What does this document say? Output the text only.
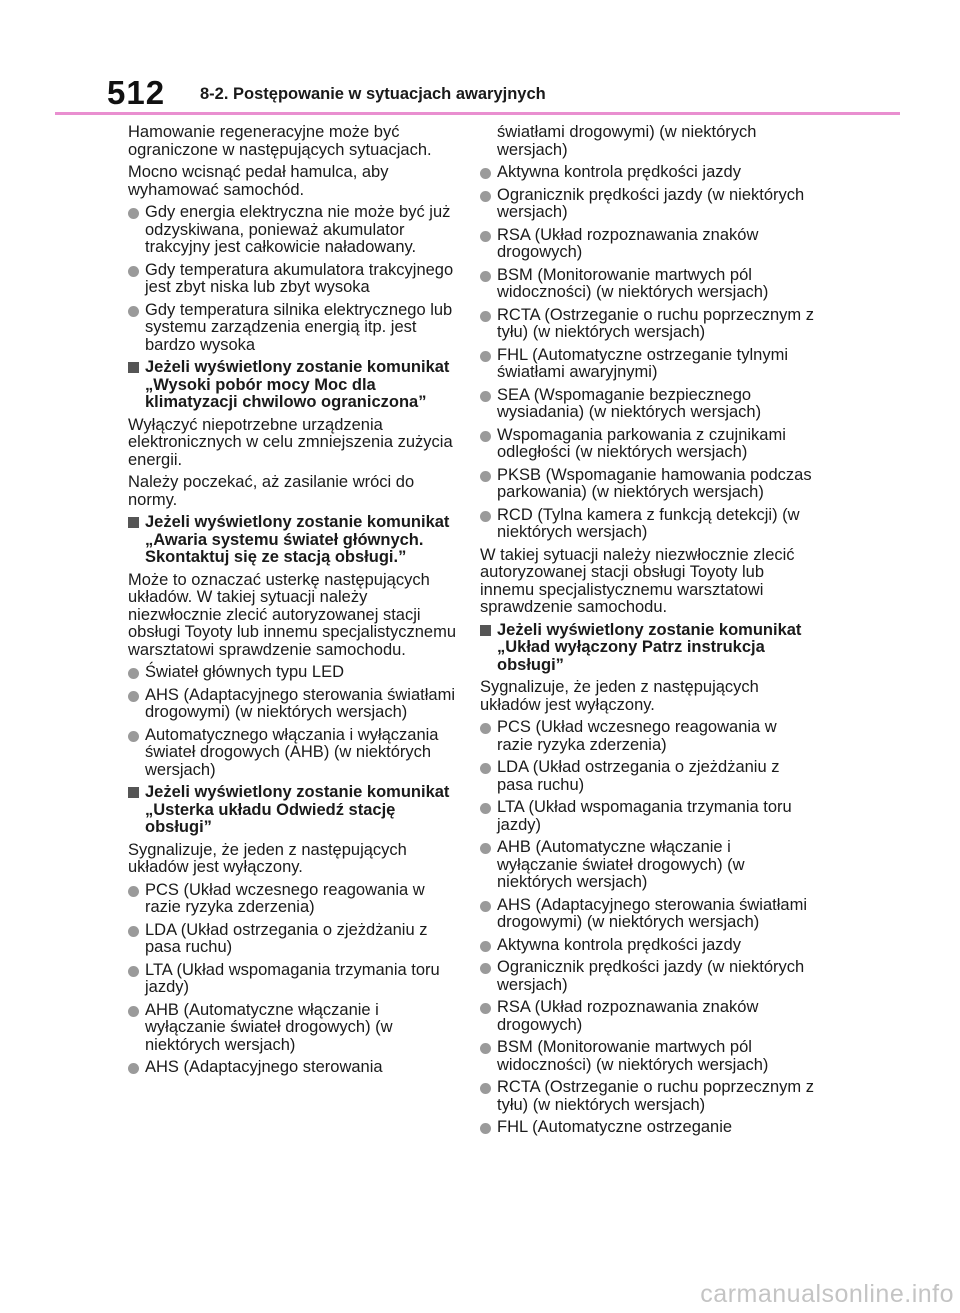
512 8-2. Postępowanie w sytuacjach awaryjnych

Hamowanie regeneracyjne może być ograniczone w następujących sytuacjach.

Mocno wcisnąć pedał hamulca, aby wyhamować samochód.

Gdy energia elektryczna nie może być już odzyskiwana, ponieważ akumulator trakcyjny jest całkowicie naładowany.
Gdy temperatura akumulatora trakcyjnego jest zbyt niska lub zbyt wysoka
Gdy temperatura silnika elektrycznego lub systemu zarządzenia energią itp. jest bardzo wysoka
Jeżeli wyświetlony zostanie komunikat „Wysoki pobór mocy Moc dla klimatyzacji chwilowo ograniczona”

Wyłączyć niepotrzebne urządzenia elektronicznych w celu zmniejszenia zużycia energii.

Należy poczekać, aż zasilanie wróci do normy.

Jeżeli wyświetlony zostanie komunikat „Awaria systemu świateł głównych. Skontaktuj się ze stacją obsługi.”

Może to oznaczać usterkę następujących układów. W takiej sytuacji należy niezwłocznie zlecić autoryzowanej stacji obsługi Toyoty lub innemu specjalistycznemu warsztatowi sprawdzenie samochodu.

Świateł głównych typu LED
AHS (Adaptacyjnego sterowania światłami drogowymi) (w niektórych wersjach)
Automatycznego włączania i wyłączania świateł drogowych (AHB) (w niektórych wersjach)
Jeżeli wyświetlony zostanie komunikat „Usterka układu Odwiedź stację obsługi”

Sygnalizuje, że jeden z następujących układów jest wyłączony.

PCS (Układ wczesnego reagowania w razie ryzyka zderzenia)
LDA (Układ ostrzegania o zjeżdżaniu z pasa ruchu)
LTA (Układ wspomagania trzymania toru jazdy)
AHB (Automatyczne włączanie i wyłączanie świateł drogowych) (w niektórych wersjach)
AHS (Adaptacyjnego sterowania

światłami drogowymi) (w niektórych wersjach)

Aktywna kontrola prędkości jazdy
Ogranicznik prędkości jazdy (w niektórych wersjach)
RSA (Układ rozpoznawania znaków drogowych)
BSM (Monitorowanie martwych pól widoczności) (w niektórych wersjach)
RCTA (Ostrzeganie o ruchu poprzecznym z tyłu) (w niektórych wersjach)
FHL (Automatyczne ostrzeganie tylnymi światłami awaryjnymi)
SEA (Wspomaganie bezpiecznego wysiadania) (w niektórych wersjach)
Wspomagania parkowania z czujnikami odległości (w niektórych wersjach)
PKSB (Wspomaganie hamowania podczas parkowania) (w niektórych wersjach)
RCD (Tylna kamera z funkcją detekcji) (w niektórych wersjach)

W takiej sytuacji należy niezwłocznie zlecić autoryzowanej stacji obsługi Toyoty lub innemu specjalistycznemu warsztatowi sprawdzenie samochodu.

Jeżeli wyświetlony zostanie komunikat „Układ wyłączony Patrz instrukcja obsługi”

Sygnalizuje, że jeden z następujących układów jest wyłączony.

PCS (Układ wczesnego reagowania w razie ryzyka zderzenia)
LDA (Układ ostrzegania o zjeżdżaniu z pasa ruchu)
LTA (Układ wspomagania trzymania toru jazdy)
AHB (Automatyczne włączanie i wyłączanie świateł drogowych) (w niektórych wersjach)
AHS (Adaptacyjnego sterowania światłami drogowymi) (w niektórych wersjach)
Aktywna kontrola prędkości jazdy
Ogranicznik prędkości jazdy (w niektórych wersjach)
RSA (Układ rozpoznawania znaków drogowych)
BSM (Monitorowanie martwych pól widoczności) (w niektórych wersjach)
RCTA (Ostrzeganie o ruchu poprzecznym z tyłu) (w niektórych wersjach)
FHL (Automatyczne ostrzeganie
carmanualsonline.info
